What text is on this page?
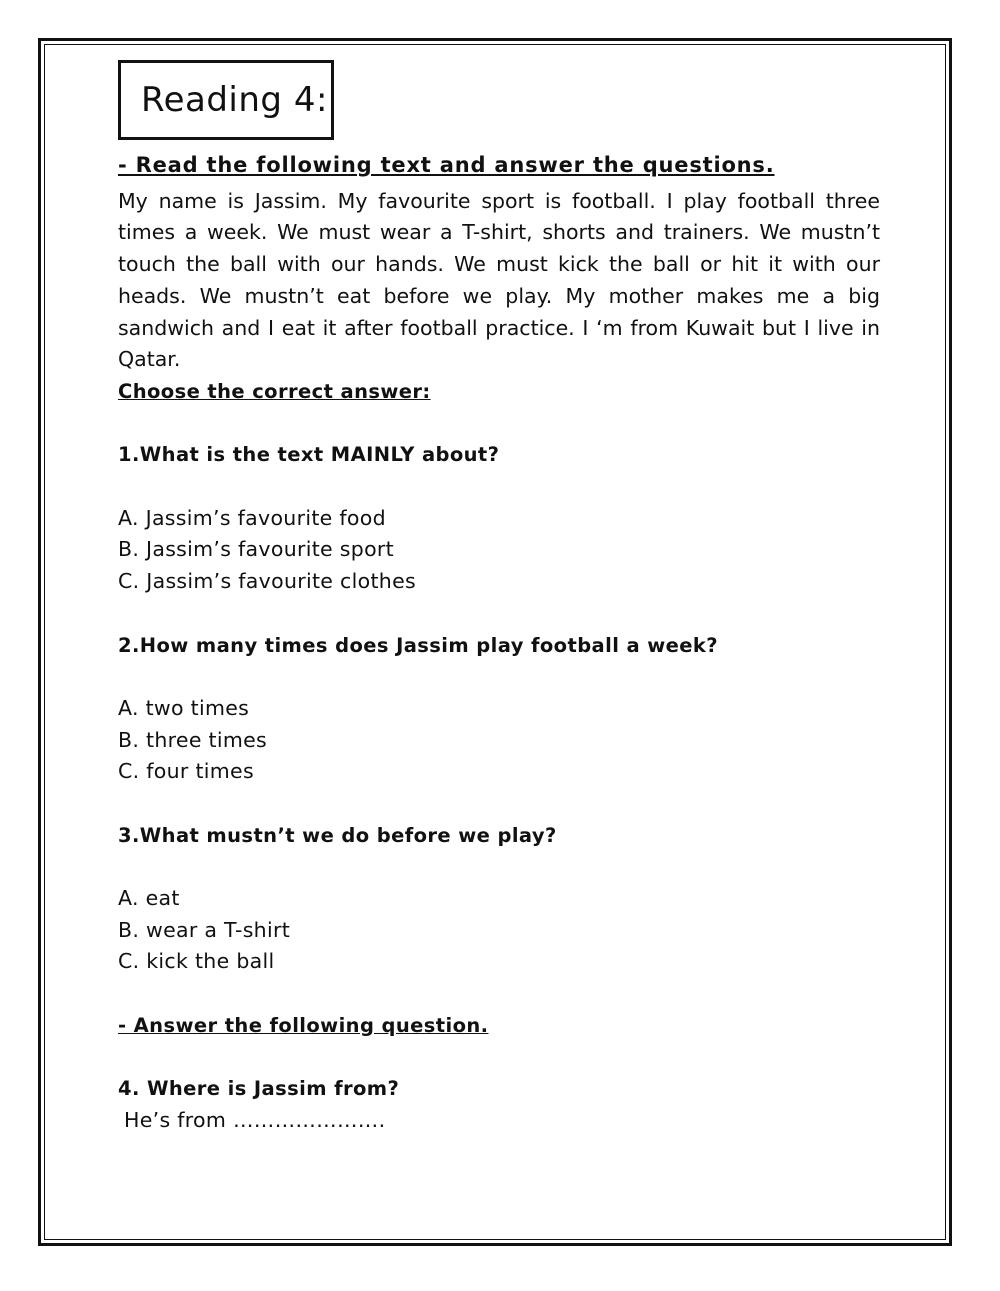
Reading 4:
- Read the following text and answer the questions.

My name is Jassim. My favourite sport is football. I play football three times a week. We must wear a T-shirt, shorts and trainers. We mustn’t touch the ball with our hands. We must kick the ball or hit it with our heads. We mustn’t eat before we play. My mother makes me a big sandwich and I eat it after football practice. I ‘m from Kuwait but I live in Qatar.

Choose the correct answer:
1.What is the text MAINLY about?
A. Jassim’s favourite food
B. Jassim’s favourite sport
C. Jassim’s favourite clothes
2.How many times does Jassim play football a week?
A. two times
B. three times
C. four times
3.What mustn’t we do before we play?
A. eat
B. wear a T-shirt
C. kick the ball
- Answer the following question.
4. Where is Jassim from?
He’s from ………………….
